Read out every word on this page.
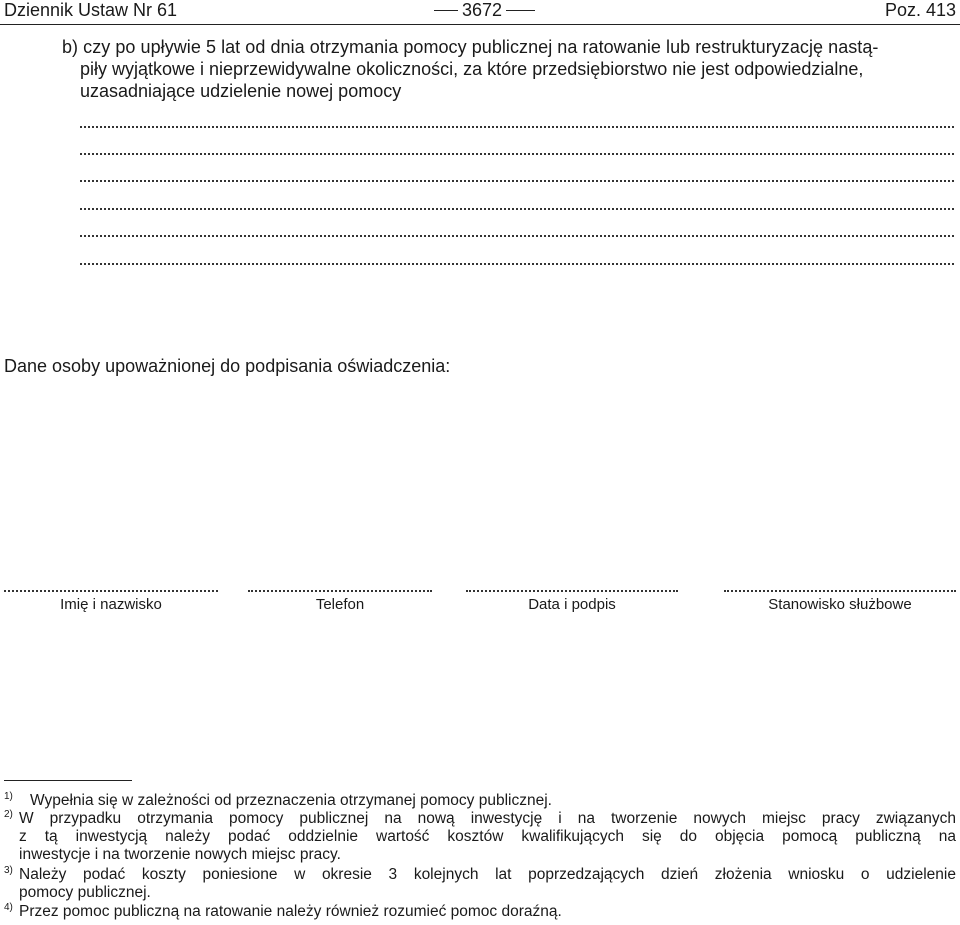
Dziennik Ustaw Nr 61	3672	Poz. 413
b) czy po upływie 5 lat od dnia otrzymania pomocy publicznej na ratowanie lub restrukturyzację nastą-
piły wyjątkowe i nieprzewidywalne okoliczności, za które przedsiębiorstwo nie jest odpowiedzialne,
uzasadniające udzielenie nowej pomocy
Dane osoby upoważnionej do podpisania oświadczenia:
Imię i nazwisko	Telefon	Data i podpis	Stanowisko służbowe
1) Wypełnia się w zależności od przeznaczenia otrzymanej pomocy publicznej.
2) W przypadku otrzymania pomocy publicznej na nową inwestycję i na tworzenie nowych miejsc pracy związanych
z tą inwestycją należy podać oddzielnie wartość kosztów kwalifikujących się do objęcia pomocą publiczną na
inwestycje i na tworzenie nowych miejsc pracy.
3) Należy podać koszty poniesione w okresie 3 kolejnych lat poprzedzających dzień złożenia wniosku o udzielenie
pomocy publicznej.
4) Przez pomoc publiczną na ratowanie należy również rozumieć pomoc doraźną.
